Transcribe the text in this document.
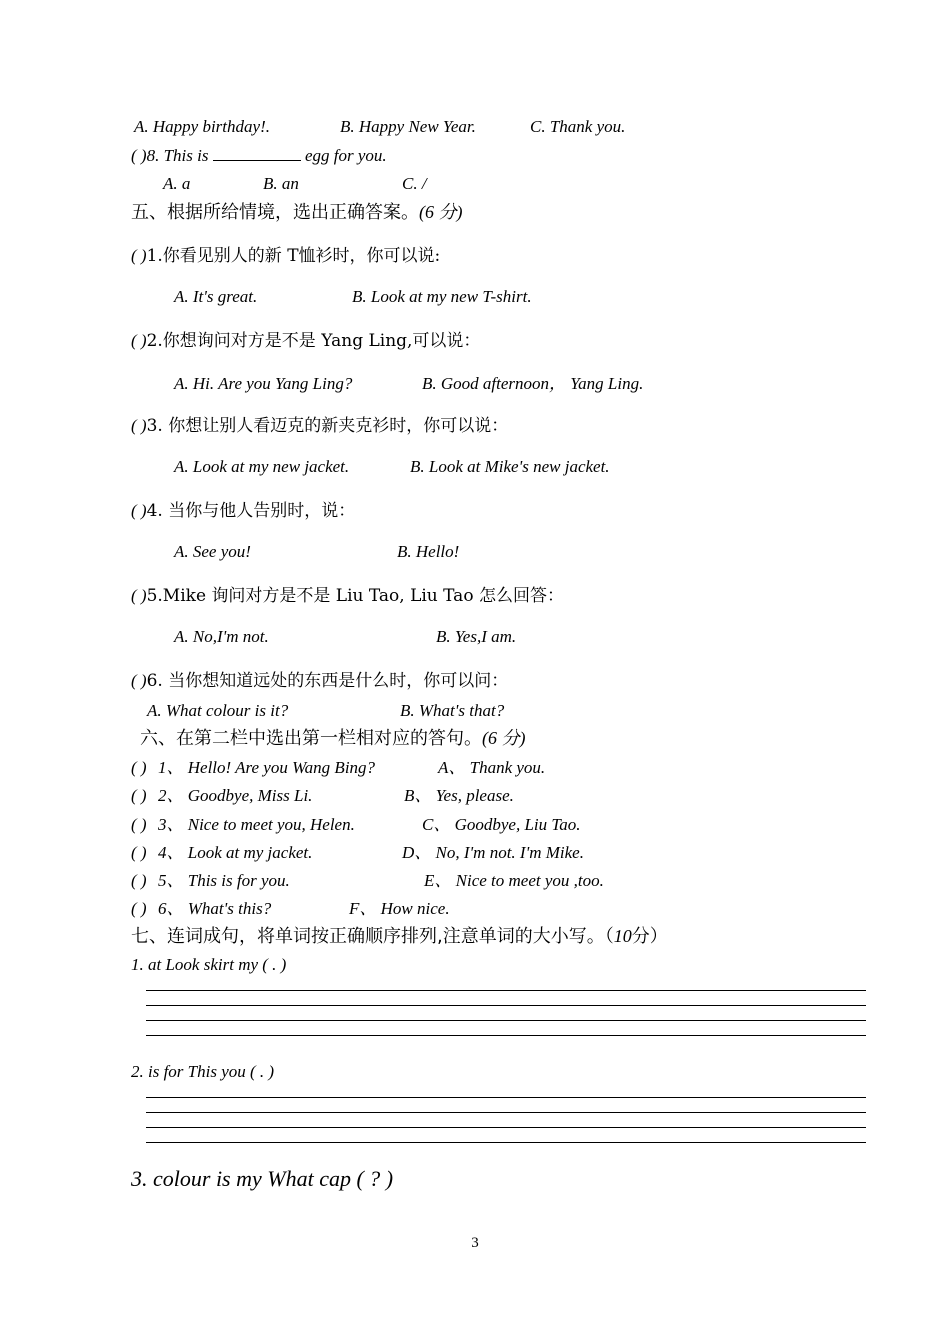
A. Happy birthday!.	B. Happy New Year.	C. Thank you.
( )8. This is	egg for you.
A. a	B. an	C. /
五、根据所给情境，选出正确答案。(6 分)
( )1.你看见别人的新 T恤衫时，你可以说:
A. It's great.	B. Look at my new T-shirt.
( )2.你想询问对方是不是 Yang Ling,可以说：
A. Hi. Are you Yang Ling?	B. Good afternoon， Yang Ling.
( )3. 你想让别人看迈克的新夹克衫时，你可以说：
A. Look at my new jacket.	B. Look at Mike's new jacket.
( )4. 当你与他人告别时，说：
A. See you!	B. Hello!
( )5.Mike 询问对方是不是 Liu Tao, Liu Tao 怎么回答：
A. No,I'm not.	B. Yes,I am.
( )6. 当你想知道远处的东西是什么时，你可以问：
A. What colour is it?	B. What's that?
六、在第二栏中选出第一栏相对应的答句。(6 分)
( ) 1、 Hello! Are you Wang Bing?	A、 Thank you.
( ) 2、 Goodbye, Miss Li.	B、 Yes, please.
( ) 3、 Nice to meet you, Helen.	C、 Goodbye, Liu Tao.
( ) 4、 Look at my jacket.	D、 No, I'm not. I'm Mike.
( ) 5、 This is for you.	E、 Nice to meet you ,too.
( ) 6、 What's this?	F、 How nice.
七、连词成句，将单词按正确顺序排列,注意单词的大小写。（10分）
1. at Look skirt my ( . )
2. is for This you ( . )
3. colour is my What cap ( ? )
3
